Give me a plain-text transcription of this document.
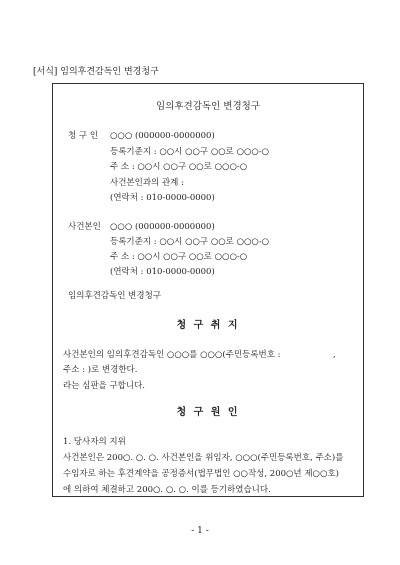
[서식] 임의후견감독인 변경청구
임의후견감독인 변경청구
청 구 인 ○○○ (000000-0000000)
등록기준지 : ○○시 ○○구 ○○로 ○○○-○
주 소 : ○○시 ○○구 ○○로 ○○○-○
사건본인과의 관계 :
(연락처 : 010-0000-0000)
사건본인 ○○○ (000000-0000000)
등록기준지 : ○○시 ○○구 ○○로 ○○○-○
주 소 : ○○시 ○○구 ○○로 ○○○-○
(연락처 : 010-0000-0000)
임의후견감독인 변경청구
청 구 취 지
사건본인의 임의후견감독인 ○○○를 ○○○(주민등록번호 :	,
주소 : )로 변경한다.
라는 심판을 구합니다.
청 구 원 인
1. 당사자의 지위
사건본인은 200○. ○. ○. 사건본인을 위임자, ○○○(주민등록번호, 주소)를
수임자로 하는 후견계약을 공정증서(법무법인 ○○작성, 200○년 제○○호)
에 의하여 체결하고 200○. ○. ○. 이를 등기하였습니다.
- 1 -
